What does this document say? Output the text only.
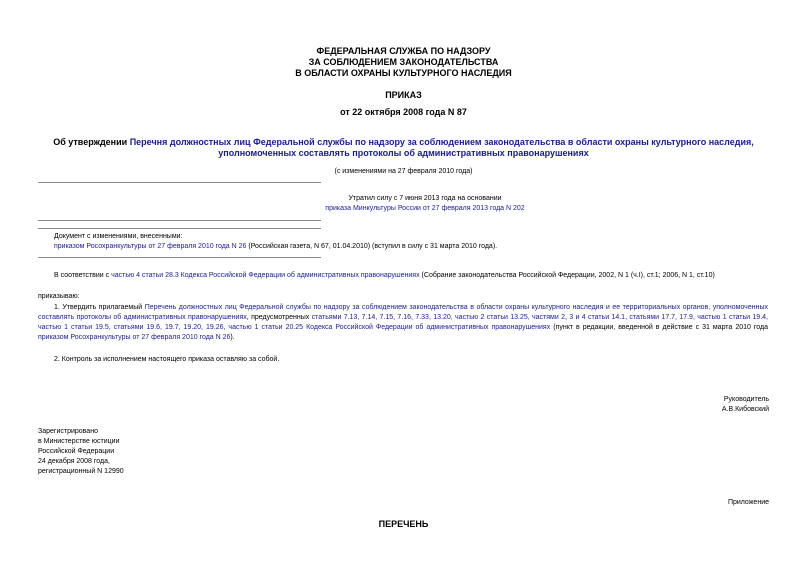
ФЕДЕРАЛЬНАЯ СЛУЖБА ПО НАДЗОРУ
ЗА СОБЛЮДЕНИЕМ ЗАКОНОДАТЕЛЬСТВА
В ОБЛАСТИ ОХРАНЫ КУЛЬТУРНОГО НАСЛЕДИЯ
ПРИКАЗ
от 22 октября 2008 года N 87
Об утверждении Перечня должностных лиц Федеральной службы по надзору за соблюдением законодательства в области охраны культурного наследия,
уполномоченных составлять протоколы об административных правонарушениях
(с изменениями на 27 февраля 2010 года)
Утратил силу с 7 июня 2013 года на основании
приказа Минкультуры России от 27 февраля 2013 года N 202
Документ с изменениями, внесенными:
приказом Росохранкультуры от 27 февраля 2010 года N 26 (Российская газета, N 67, 01.04.2010) (вступил в силу с 31 марта 2010 года).
В соответствии с частью 4 статьи 28.3 Кодекса Российской Федерации об административных правонарушениях (Собрание законодательства Российской Федерации, 2002, N 1 (ч.I), ст.1; 2006, N 1, ст.10)
приказываю:
1. Утвердить прилагаемый Перечень должностных лиц Федеральной службы по надзору за соблюдением законодательства в области охраны культурного наследия и ее территориальных органов, уполномоченных составлять протоколы об административных правонарушениях, предусмотренных статьями 7.13, 7.14, 7.15, 7.16, 7.33, 13.20, частью 2 статьи 13.25, частями 2, 3 и 4 статьи 14.1, статьями 17.7, 17.9, частью 1 статьи 19.4, частью 1 статьи 19.5, статьями 19.6, 19.7, 19.20, 19.26, частью 1 статьи 20.25 Кодекса Российской Федерации об административных правонарушениях (пункт в редакции, введенной в действие с 31 марта 2010 года приказом Росохранкультуры от 27 февраля 2010 года N 26).
2. Контроль за исполнением настоящего приказа оставляю за собой.
Руководитель
А.В.Кибовский
Зарегистрировано
в Министерстве юстиции
Российской Федерации
24 декабря 2008 года,
регистрационный N 12990
Приложение
ПЕРЕЧЕНЬ
